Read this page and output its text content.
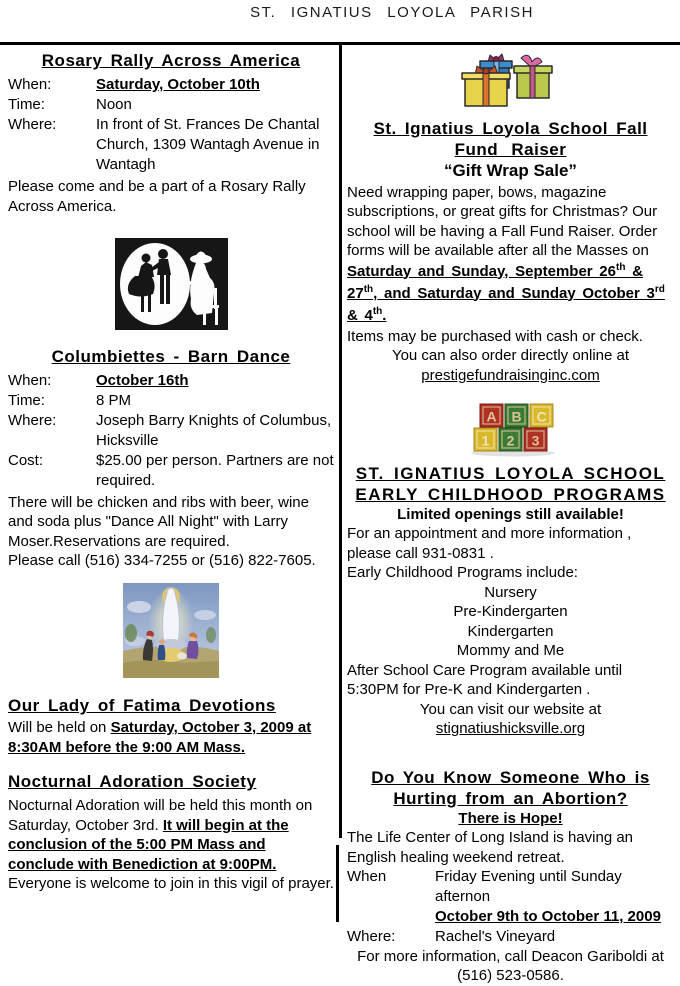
ST. IGNATIUS LOYOLA PARISH
Rosary Rally Across America
When:	Saturday, October 10th
Time:	Noon
Where:	In front of St. Frances De Chantal Church, 1309 Wantagh Avenue in Wantagh

Please come and be a part of a Rosary Rally Across America.

Columbiettes - Barn Dance
When:	October 16th
Time:	8 PM
Where:	Joseph Barry Knights of Columbus, Hicksville
Cost:	$25.00 per person. Partners are not required.

There will be chicken and ribs with beer, wine and soda plus "Dance All Night" with Larry Moser.Reservations are required.

Please call (516) 334-7255 or (516) 822-7605.

Our Lady of Fatima Devotions

Will be held on Saturday, October 3, 2009 at 8:30AM before the 9:00 AM Mass.

Nocturnal Adoration Society

Nocturnal Adoration will be held this month on Saturday, October 3rd. It will begin at the conclusion of the 5:00 PM Mass and conclude with Benediction at 9:00PM. Everyone is welcome to join in this vigil of prayer.

St. Ignatius Loyola School Fall
Fund Raiser

“Gift Wrap Sale”

Need wrapping paper, bows, magazine subscriptions, or great gifts for Christmas? Our school will be having a Fall Fund Raiser. Order forms will be available after all the Masses on

Saturday and Sunday, September 26th & 27th, and Saturday and Sunday October 3rd & 4th.

Items may be purchased with cash or check.

You can also order directly online at

prestigefundraisinginc.com

A B C
1 2 3
ST. IGNATIUS LOYOLA SCHOOL
EARLY CHILDHOOD PROGRAMS

Limited openings still available!

For an appointment and more information , please call 931-0831 .

Early Childhood Programs include:

Nursery

Pre-Kindergarten

Kindergarten

Mommy and Me

After School Care Program available until 5:30PM for Pre-K and Kindergarten .

You can visit our website at

stignatiushicksville.org

Do You Know Someone Who is
Hurting from an Abortion?

There is Hope!

The Life Center of Long Island is having an English healing weekend retreat.

When	Friday Evening until Sunday afternon

October 9th to October 11, 2009

Where:	Rachel's Vineyard

For more information, call Deacon Gariboldi at (516) 523-0586.
